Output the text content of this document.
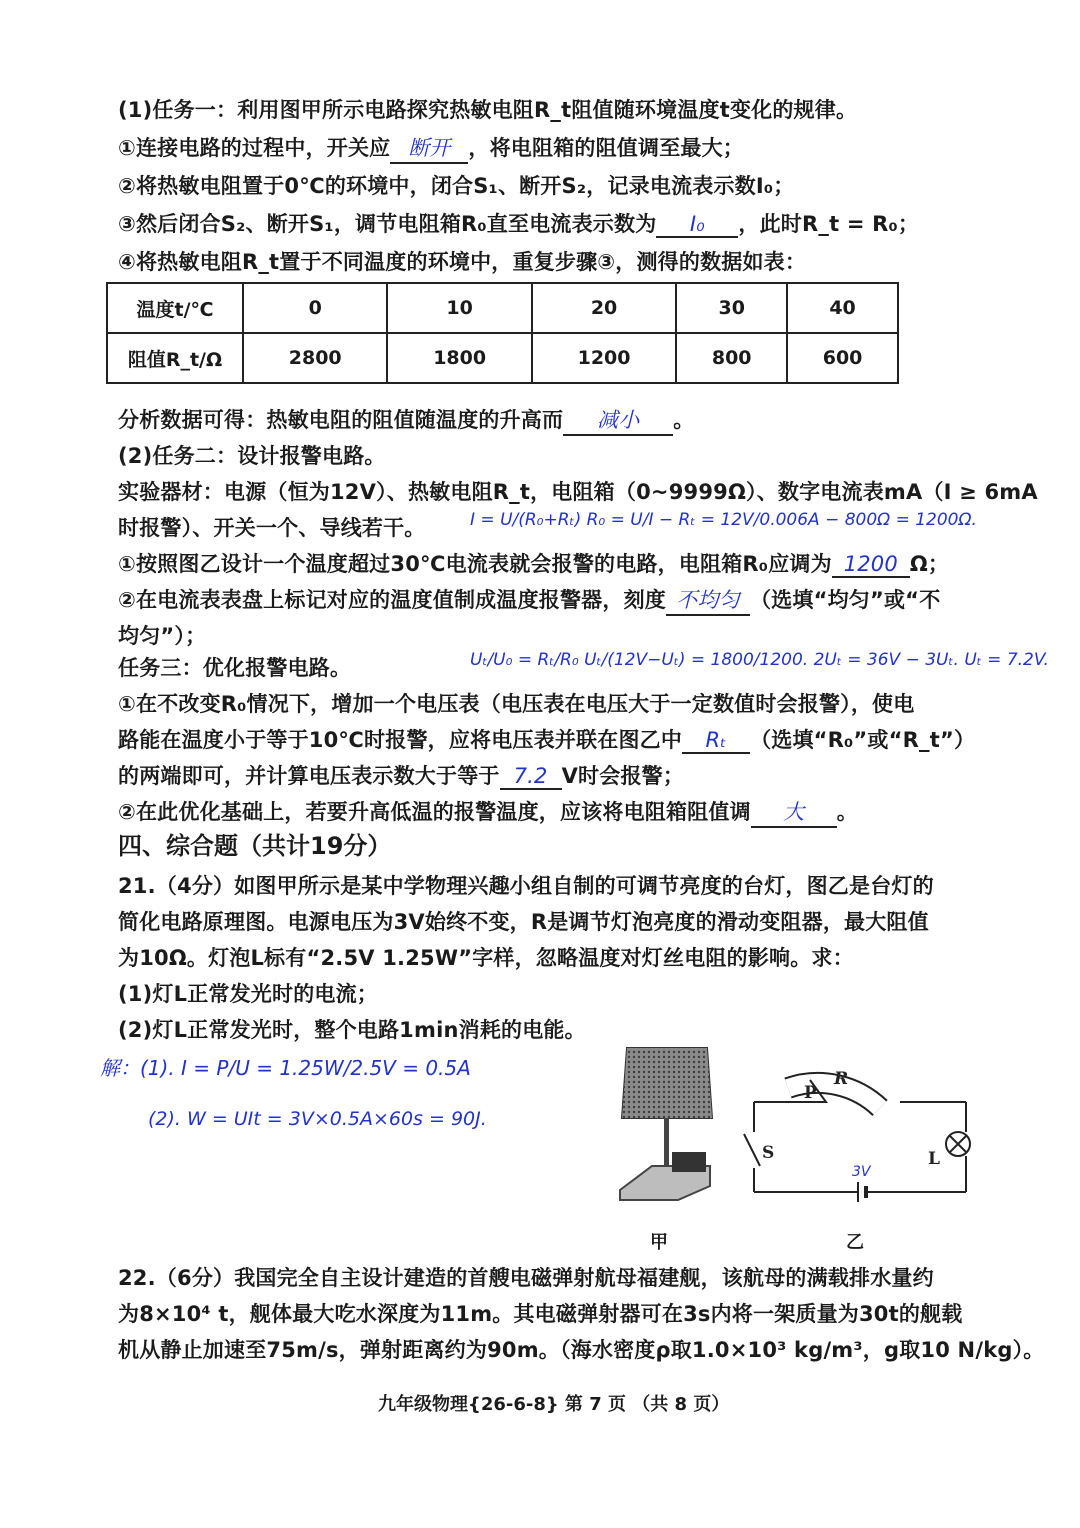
(1)任务一：利用图甲所示电路探究热敏电阻R_t阻值随环境温度t变化的规律。
①连接电路的过程中，开关应 断开 ，将电阻箱的阻值调至最大；
②将热敏电阻置于0℃的环境中，闭合S₁、断开S₂，记录电流表示数I₀；
③然后闭合S₂、断开S₁，调节电阻箱R₀直至电流表示数为 I₀ ，此时R_t = R₀；
④将热敏电阻R_t置于不同温度的环境中，重复步骤③，测得的数据如表：
温度t/℃	0	10	20	30	40
阻值R_t/Ω	2800	1800	1200	800	600
分析数据可得：热敏电阻的阻值随温度的升高而 减小 。
(2)任务二：设计报警电路。
实验器材：电源（恒为12V）、热敏电阻R_t，电阻箱（0~9999Ω）、数字电流表mA（I ≥ 6mA
时报警）、开关一个、导线若干。	I = U/(R₀+Rₜ) R₀ = U/I − Rₜ = 12V/0.006A − 800Ω = 1200Ω.
①按照图乙设计一个温度超过30℃电流表就会报警的电路，电阻箱R₀应调为 1200 Ω；
②在电流表表盘上标记对应的温度值制成温度报警器，刻度 不均匀 （选填“均匀”或“不
均匀”）；
任务三：优化报警电路。	Uₜ/U₀ = Rₜ/R₀ Uₜ/(12V−Uₜ) = 1800/1200. 2Uₜ = 36V − 3Uₜ. Uₜ = 7.2V.
①在不改变R₀情况下，增加一个电压表（电压表在电压大于一定数值时会报警），使电
路能在温度小于等于10℃时报警，应将电压表并联在图乙中 Rₜ （选填“R₀”或“R_t”）
的两端即可，并计算电压表示数大于等于 7.2 V时会报警；
②在此优化基础上，若要升高低温的报警温度，应该将电阻箱阻值调 大 。
四、综合题（共计19分）
21.（4分）如图甲所示是某中学物理兴趣小组自制的可调节亮度的台灯，图乙是台灯的
简化电路原理图。电源电压为3V始终不变，R是调节灯泡亮度的滑动变阻器，最大阻值
为10Ω。灯泡L标有“2.5V 1.25W”字样，忽略温度对灯丝电阻的影响。求：
(1)灯L正常发光时的电流；
(2)灯L正常发光时，整个电路1min消耗的电能。
解：(1). I = P/U = 1.25W/2.5V = 0.5A
(2). W = UIt = 3V×0.5A×60s = 90J.
甲
P
R
S	L
3V
乙
22.（6分）我国完全自主设计建造的首艘电磁弹射航母福建舰，该航母的满载排水量约
为8×10⁴ t，舰体最大吃水深度为11m。其电磁弹射器可在3s内将一架质量为30t的舰载
机从静止加速至75m/s，弹射距离约为90m。（海水密度ρ取1.0×10³ kg/m³，g取10 N/kg）。
九年级物理{26-6-8} 第 7 页 （共 8 页）
